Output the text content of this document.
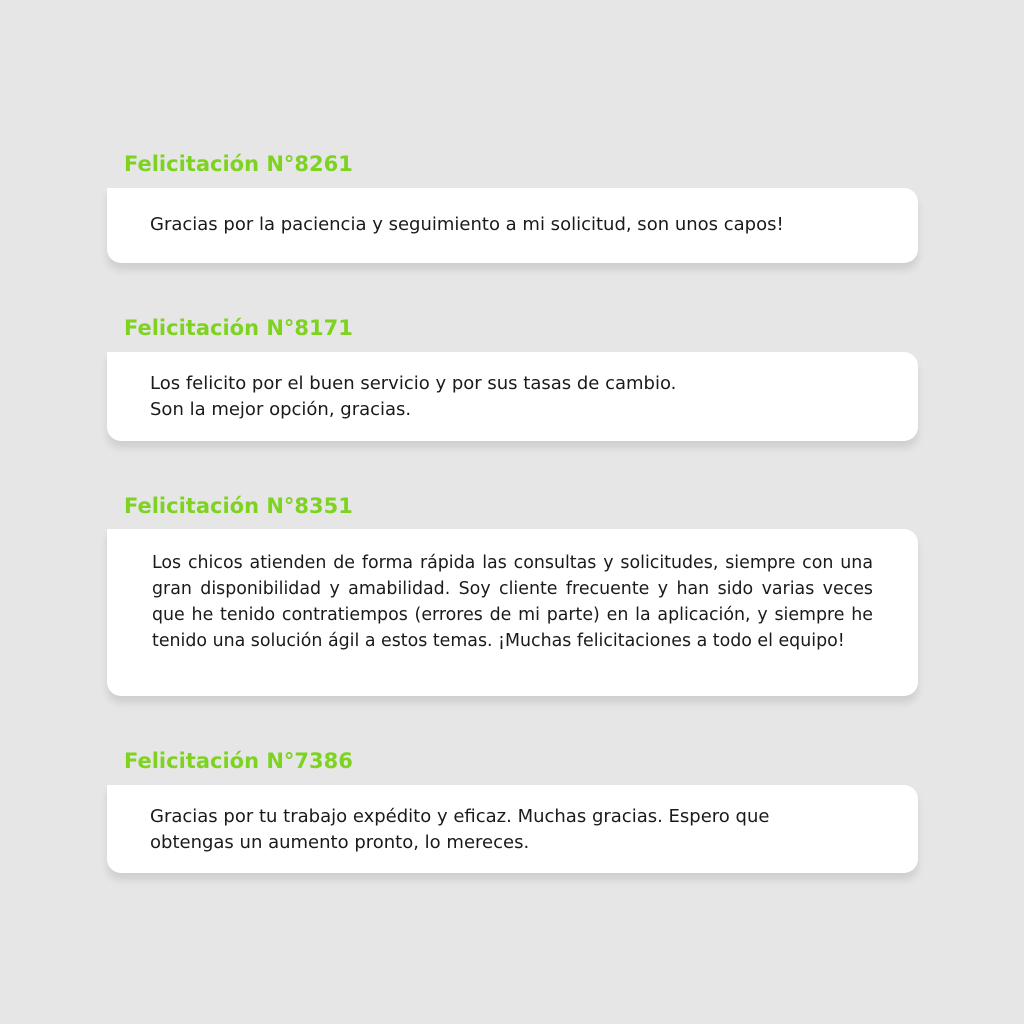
Felicitación N°8261

Gracias por la paciencia y seguimiento a mi solicitud, son unos capos!

Felicitación N°8171

Los felicito por el buen servicio y por sus tasas de cambio.
Son la mejor opción, gracias.

Felicitación N°8351

Los chicos atienden de forma rápida las consultas y solicitudes, siempre con una gran disponibilidad y amabilidad. Soy cliente frecuente y han sido varias veces que he tenido contratiempos (errores de mi parte) en la aplicación, y siempre he tenido una solución ágil a estos temas. ¡Muchas felicitaciones a todo el equipo!

Felicitación N°7386

Gracias por tu trabajo expédito y eficaz. Muchas gracias. Espero que
obtengas un aumento pronto, lo mereces.
